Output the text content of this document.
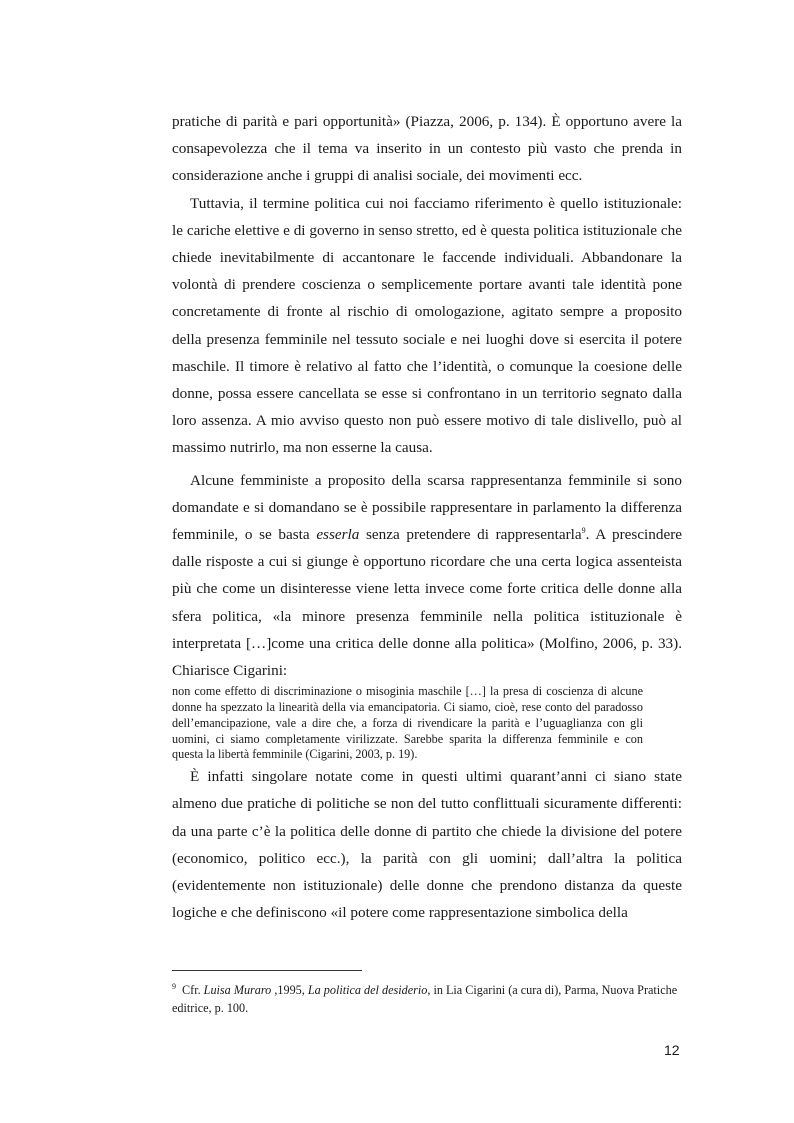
pratiche di parità e pari opportunità» (Piazza, 2006, p. 134). È opportuno avere la consapevolezza che il tema va inserito in un contesto più vasto che prenda in considerazione anche i gruppi di analisi sociale, dei movimenti ecc.

Tuttavia, il termine politica cui noi facciamo riferimento è quello istituzionale: le cariche elettive e di governo in senso stretto, ed è questa politica istituzionale che chiede inevitabilmente di accantonare le faccende individuali. Abbandonare la volontà di prendere coscienza o semplicemente portare avanti tale identità pone concretamente di fronte al rischio di omologazione, agitato sempre a proposito della presenza femminile nel tessuto sociale e nei luoghi dove si esercita il potere maschile. Il timore è relativo al fatto che l’identità, o comunque la coesione delle donne, possa essere cancellata se esse si confrontano in un territorio segnato dalla loro assenza. A mio avviso questo non può essere motivo di tale dislivello, può al massimo nutrirlo, ma non esserne la causa.

Alcune femministe a proposito della scarsa rappresentanza femminile si sono domandate e si domandano se è possibile rappresentare in parlamento la differenza femminile, o se basta esserla senza pretendere di rappresentarla$^9$. A prescindere dalle risposte a cui si giunge è opportuno ricordare che una certa logica assenteista più che come un disinteresse viene letta invece come forte critica delle donne alla sfera politica, «la minore presenza femminile nella politica istituzionale è interpretata […]come una critica delle donne alla politica» (Molfino, 2006, p. 33). Chiarisce Cigarini:

non come effetto di discriminazione o misoginia maschile […] la presa di coscienza di alcune donne ha spezzato la linearità della via emancipatoria. Ci siamo, cioè, rese conto del paradosso dell’emancipazione, vale a dire che, a forza di rivendicare la parità e l’uguaglianza con gli uomini, ci siamo completamente virilizzate. Sarebbe sparita la differenza femminile e con questa la libertà femminile (Cigarini, 2003, p. 19).

È infatti singolare notate come in questi ultimi quarant’anni ci siano state almeno due pratiche di politiche se non del tutto conflittuali sicuramente differenti: da una parte c’è la politica delle donne di partito che chiede la divisione del potere (economico, politico ecc.), la parità con gli uomini; dall’altra la politica (evidentemente non istituzionale) delle donne che prendono distanza da queste logiche e che definiscono «il potere come rappresentazione simbolica della

$^9$ Cfr. Luisa Muraro ,1995, La politica del desiderio, in Lia Cigarini (a cura di), Parma, Nuova Pratiche editrice, p. 100.

12
